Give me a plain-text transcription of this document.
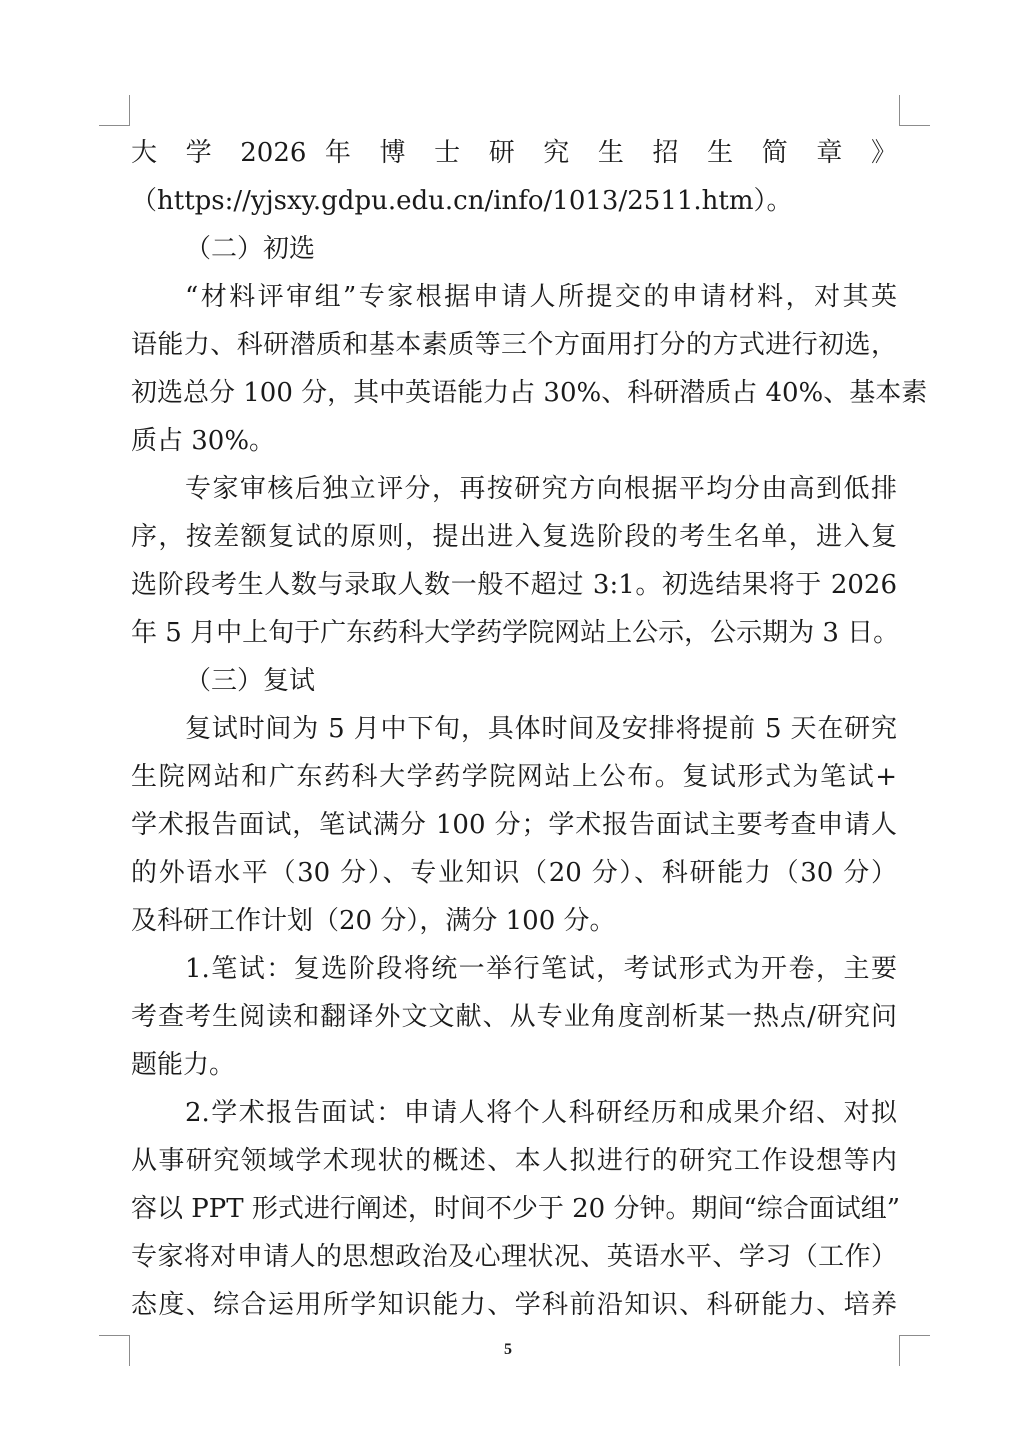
大 学 2026 年 博 士 研 究 生 招 生 简 章 》
（https://yjsxy.gdpu.edu.cn/info/1013/2511.htm）。
（二）初选
“材料评审组”专家根据申请人所提交的申请材料，对其英
语能力、科研潜质和基本素质等三个方面用打分的方式进行初选，
初选总分 100 分，其中英语能力占 30%、科研潜质占 40%、基本素
质占 30%。
专家审核后独立评分，再按研究方向根据平均分由高到低排
序，按差额复试的原则，提出进入复选阶段的考生名单，进入复
选阶段考生人数与录取人数一般不超过 3:1。初选结果将于 2026
年 5 月中上旬于广东药科大学药学院网站上公示，公示期为 3 日。
（三）复试
复试时间为 5 月中下旬，具体时间及安排将提前 5 天在研究
生院网站和广东药科大学药学院网站上公布。复试形式为笔试+
学术报告面试，笔试满分 100 分；学术报告面试主要考查申请人
的外语水平（30 分）、专业知识（20 分）、科研能力（30 分）
及科研工作计划（20 分），满分 100 分。
1.笔试：复选阶段将统一举行笔试，考试形式为开卷，主要
考查考生阅读和翻译外文文献、从专业角度剖析某一热点/研究问
题能力。
2.学术报告面试：申请人将个人科研经历和成果介绍、对拟
从事研究领域学术现状的概述、本人拟进行的研究工作设想等内
容以 PPT 形式进行阐述，时间不少于 20 分钟。期间“综合面试组”
专家将对申请人的思想政治及心理状况、英语水平、学习（工作）
态度、综合运用所学知识能力、学科前沿知识、科研能力、培养
5
